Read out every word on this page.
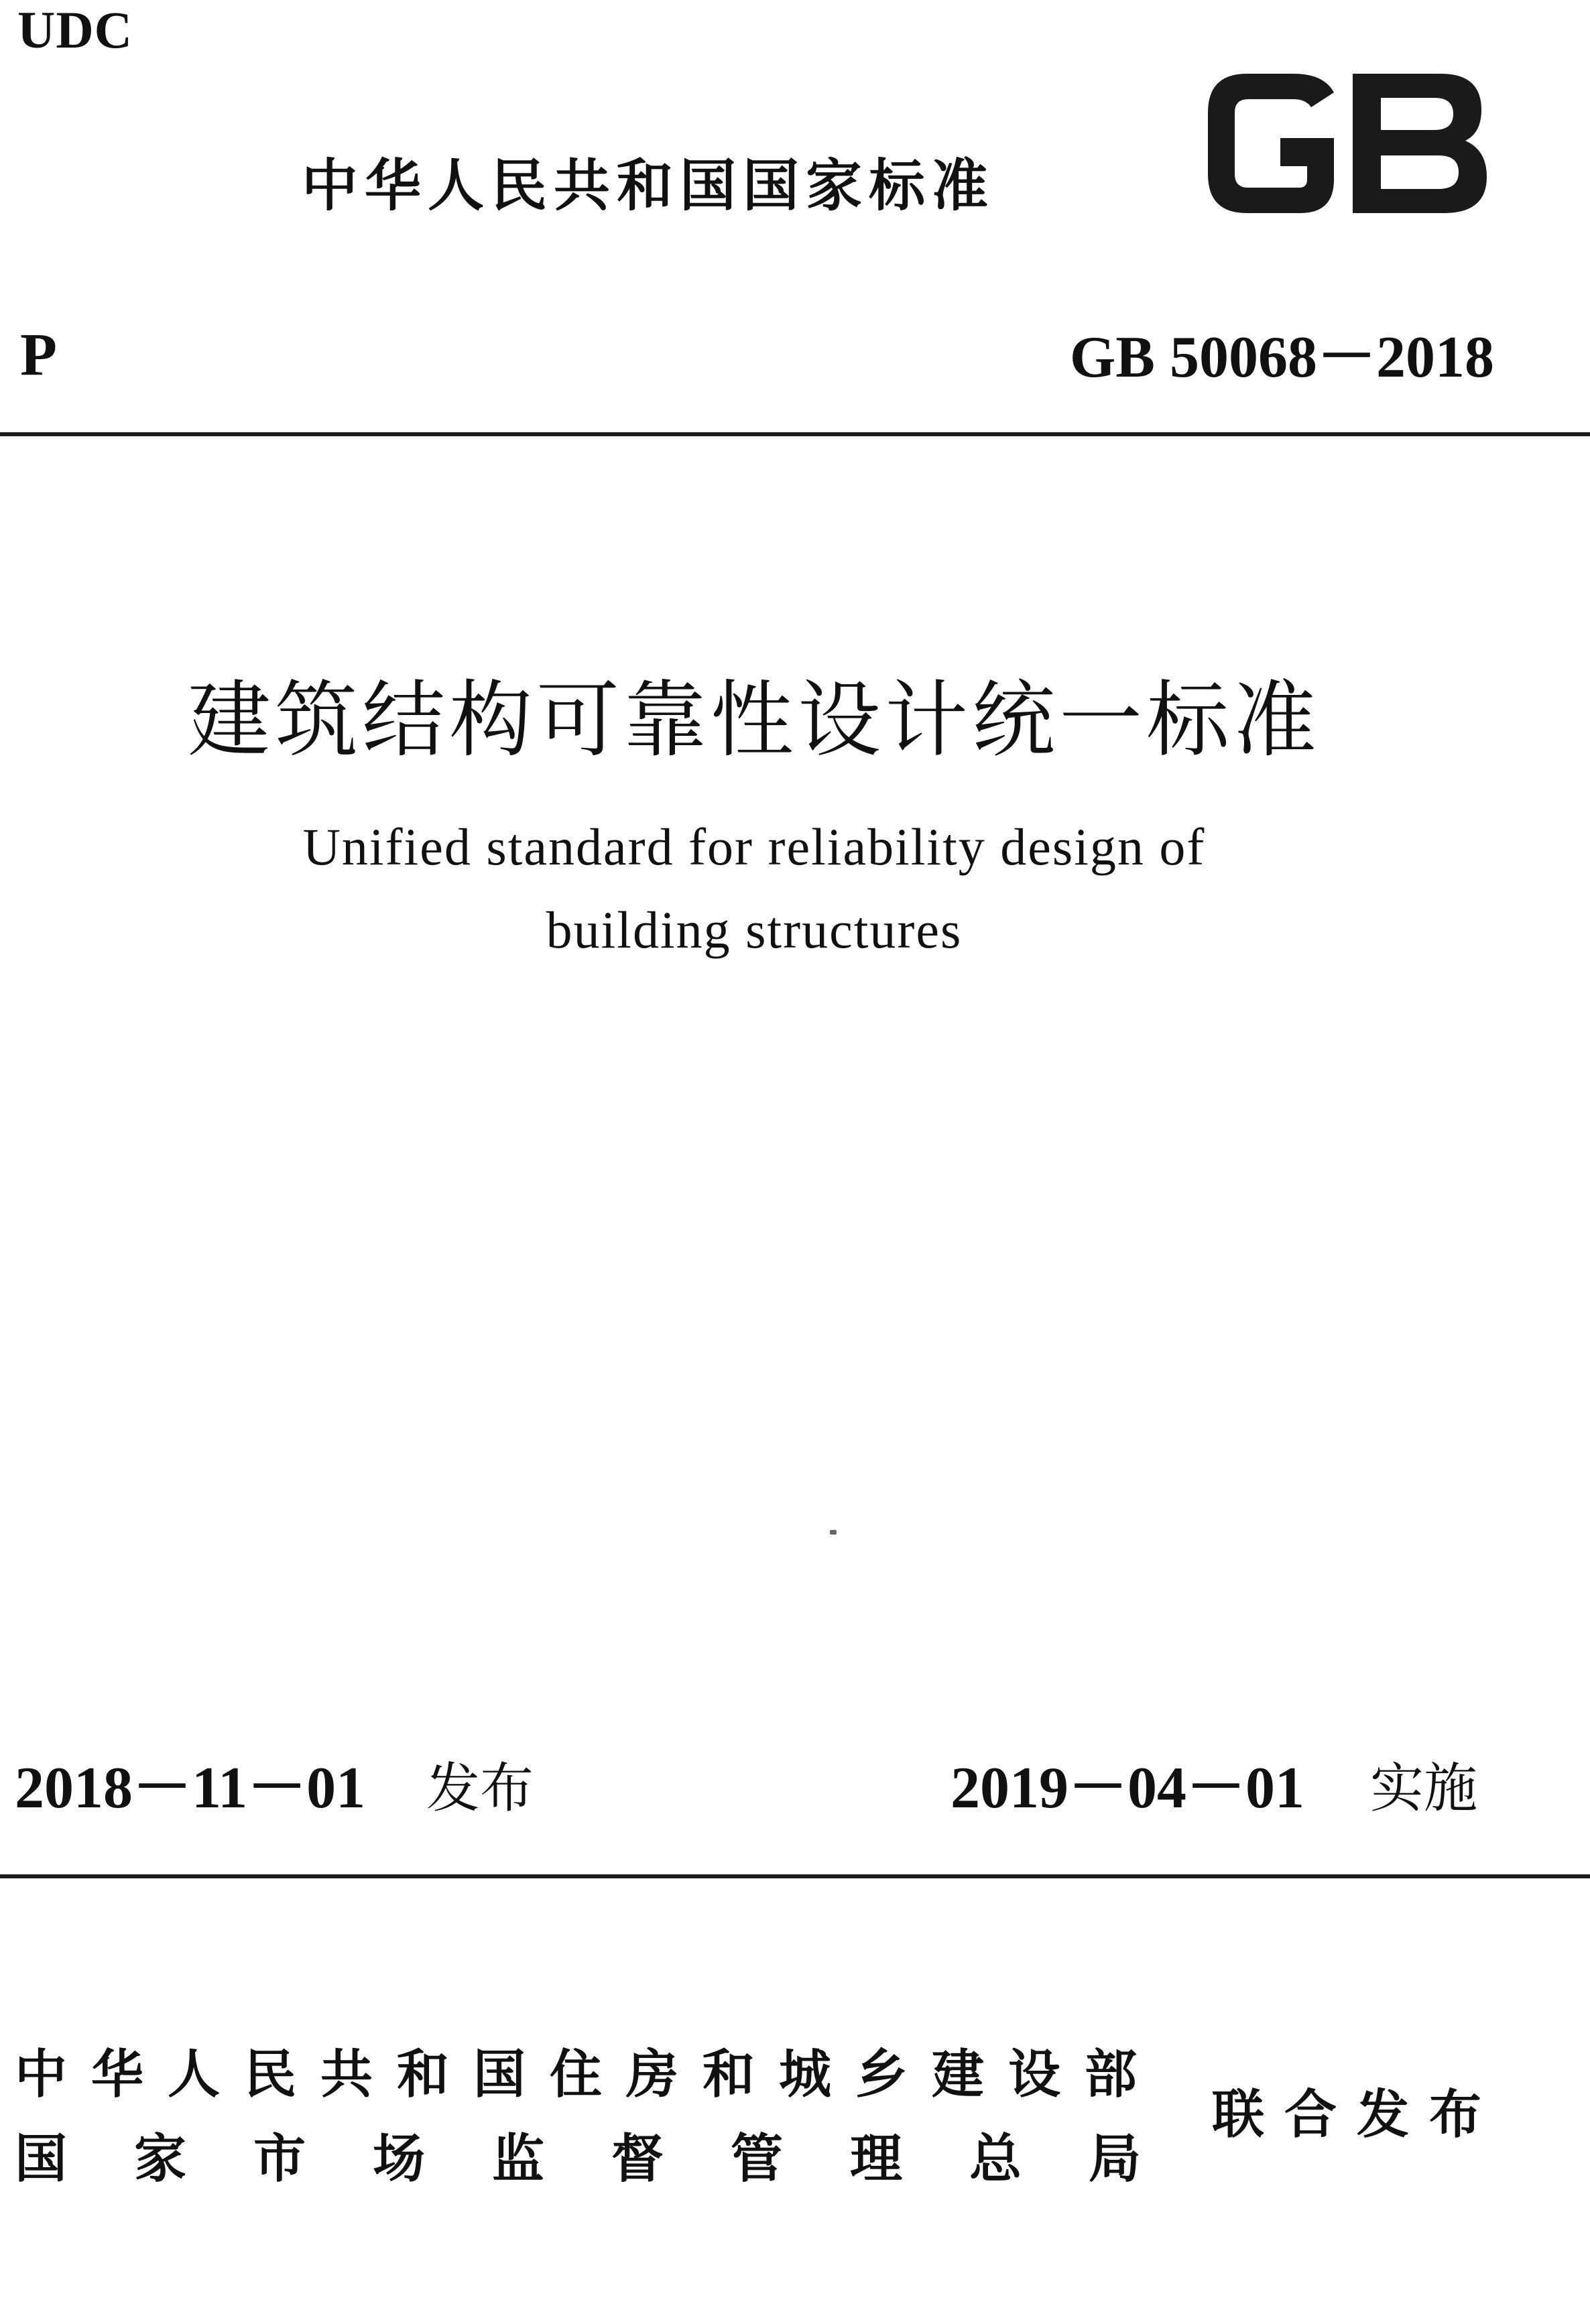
UDC
中华人民共和国国家标准
P	GB 50068－2018
建筑结构可靠性设计统一标准
Unified standard for reliability design of
building structures
2018－11－01 发布	2019－04－01 实施
中华人民共和国住房和城乡建设部
国家市场监督管理总局
联合发布
